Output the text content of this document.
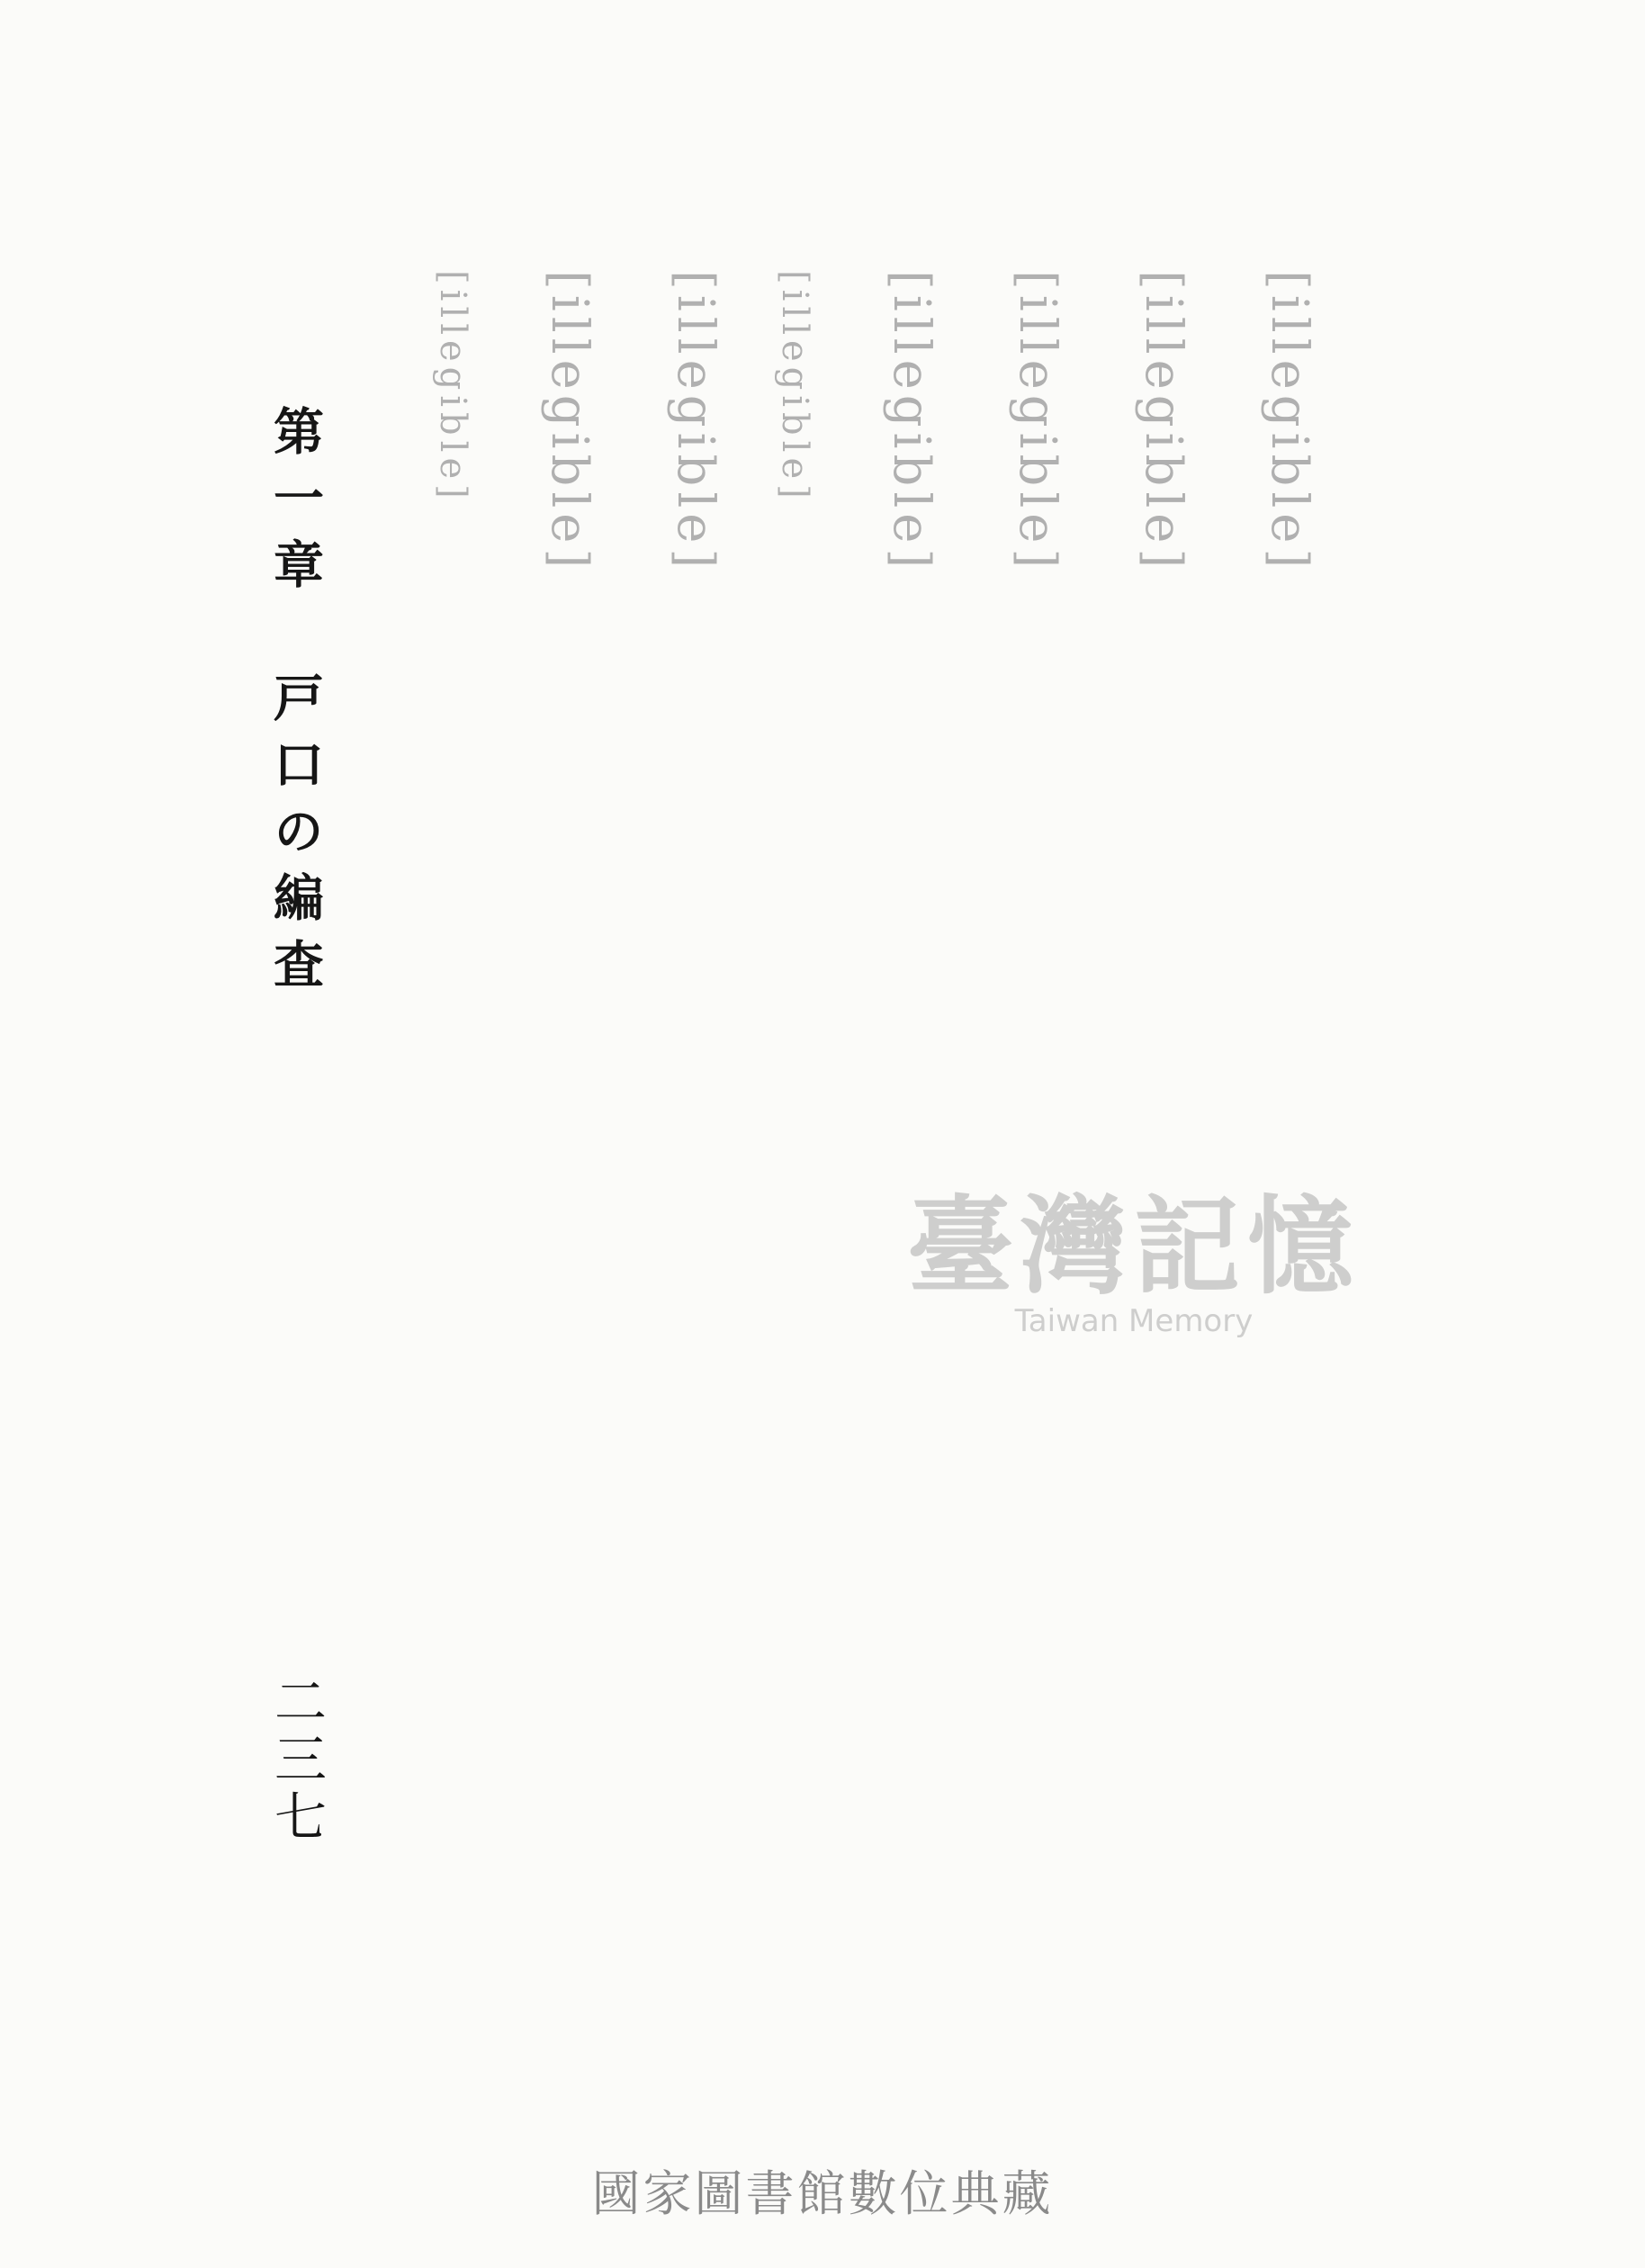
[illegible]
[illegible]
[illegible]
[illegible]
[illegible]
[illegible]
[illegible]
[illegible]
第一章　戸口の編査
二三七
臺灣記憶
Taiwan Memory
國家圖書館數位典藏
